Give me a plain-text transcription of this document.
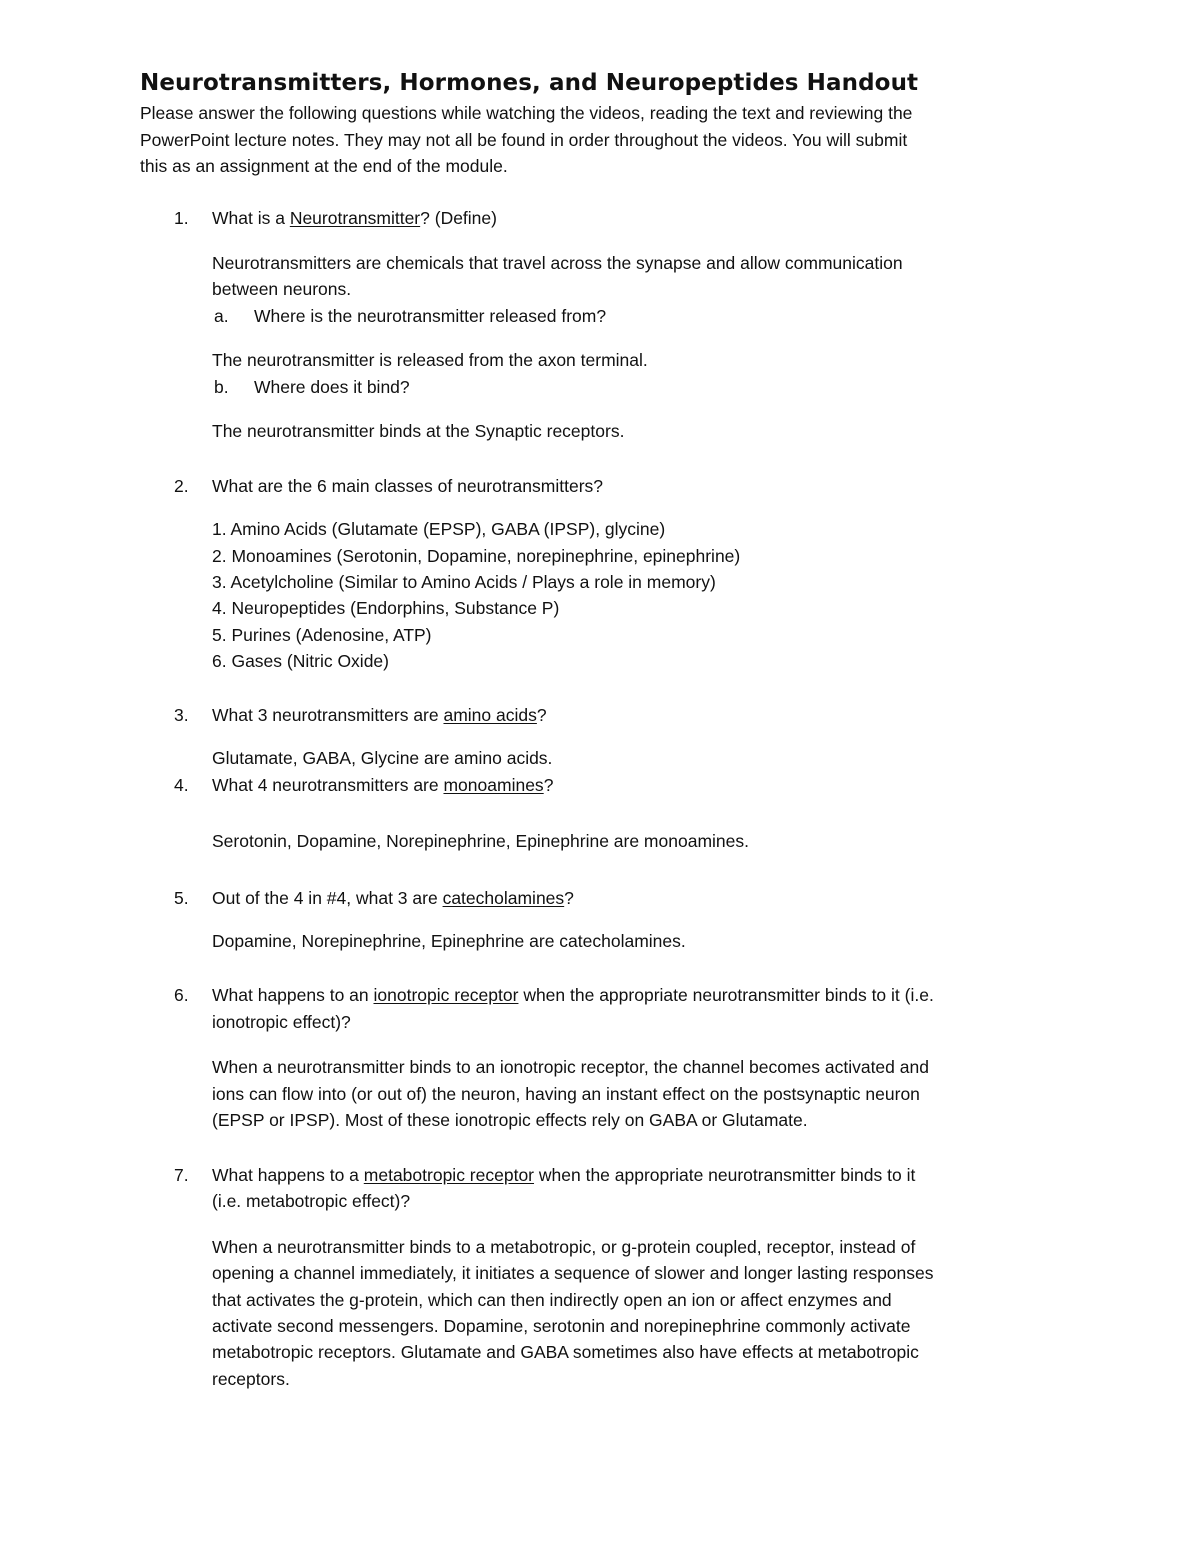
Neurotransmitters, Hormones, and Neuropeptides Handout
Please answer the following questions while watching the videos, reading the text and reviewing the
PowerPoint lecture notes. They may not all be found in order throughout the videos. You will submit
this as an assignment at the end of the module.
1. What is a Neurotransmitter? (Define)
Neurotransmitters are chemicals that travel across the synapse and allow communication
between neurons.
a. Where is the neurotransmitter released from?
The neurotransmitter is released from the axon terminal.
b. Where does it bind?
The neurotransmitter binds at the Synaptic receptors.
2. What are the 6 main classes of neurotransmitters?
1. Amino Acids (Glutamate (EPSP), GABA (IPSP), glycine)
2. Monoamines (Serotonin, Dopamine, norepinephrine, epinephrine)
3. Acetylcholine (Similar to Amino Acids / Plays a role in memory)
4. Neuropeptides (Endorphins, Substance P)
5. Purines (Adenosine, ATP)
6. Gases (Nitric Oxide)
3. What 3 neurotransmitters are amino acids?
Glutamate, GABA, Glycine are amino acids.
4. What 4 neurotransmitters are monoamines?
Serotonin, Dopamine, Norepinephrine, Epinephrine are monoamines.
5. Out of the 4 in #4, what 3 are catecholamines?
Dopamine, Norepinephrine, Epinephrine are catecholamines.
6. What happens to an ionotropic receptor when the appropriate neurotransmitter binds to it (i.e.
ionotropic effect)?
When a neurotransmitter binds to an ionotropic receptor, the channel becomes activated and
ions can flow into (or out of) the neuron, having an instant effect on the postsynaptic neuron
(EPSP or IPSP). Most of these ionotropic effects rely on GABA or Glutamate.
7. What happens to a metabotropic receptor when the appropriate neurotransmitter binds to it
(i.e. metabotropic effect)?
When a neurotransmitter binds to a metabotropic, or g-protein coupled, receptor, instead of
opening a channel immediately, it initiates a sequence of slower and longer lasting responses
that activates the g-protein, which can then indirectly open an ion or affect enzymes and
activate second messengers. Dopamine, serotonin and norepinephrine commonly activate
metabotropic receptors. Glutamate and GABA sometimes also have effects at metabotropic
receptors.
